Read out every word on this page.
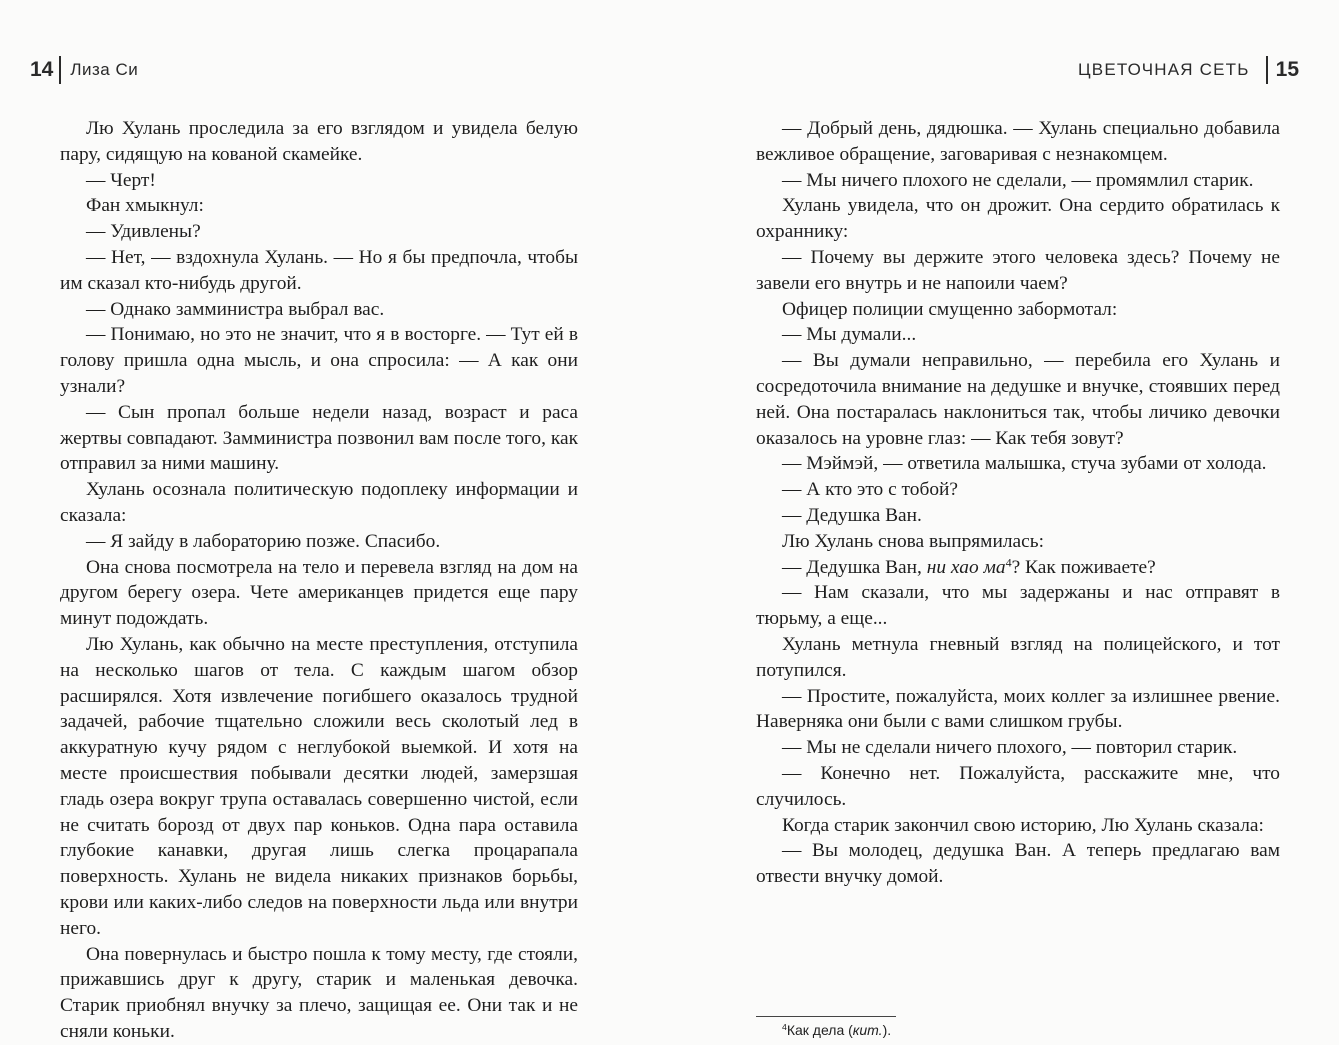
14 Лиза Си

Лю Хулань проследила за его взглядом и увидела белую пару, сидящую на кованой скамейке.

— Черт!

Фан хмыкнул:

— Удивлены?

— Нет, — вздохнула Хулань. — Но я бы предпочла, чтобы им сказал кто-нибудь другой.

— Однако замминистра выбрал вас.

— Понимаю, но это не значит, что я в восторге. — Тут ей в голову пришла одна мысль, и она спросила: — А как они узнали?

— Сын пропал больше недели назад, возраст и раса жертвы совпадают. Замминистра позвонил вам после того, как отправил за ними машину.

Хулань осознала политическую подоплеку информации и сказала:

— Я зайду в лабораторию позже. Спасибо.

Она снова посмотрела на тело и перевела взгляд на дом на другом берегу озера. Чете американцев придется еще пару минут подождать.

Лю Хулань, как обычно на месте преступления, отступила на несколько шагов от тела. С каждым шагом обзор расширялся. Хотя извлечение погибшего оказалось трудной задачей, рабочие тщательно сложили весь сколотый лед в аккуратную кучу рядом с неглубокой выемкой. И хотя на месте происшествия побывали десятки людей, замерзшая гладь озера вокруг трупа оставалась совершенно чистой, если не считать борозд от двух пар коньков. Одна пара оставила глубокие канавки, другая лишь слегка процарапала поверхность. Хулань не видела никаких признаков борьбы, крови или каких-либо следов на поверхности льда или внутри него.

Она повернулась и быстро пошла к тому месту, где стояли, прижавшись друг к другу, старик и маленькая девочка. Старик приобнял внучку за плечо, защищая ее. Они так и не сняли коньки.

ЦВЕТОЧНАЯ СЕТЬ 15

— Добрый день, дядюшка. — Хулань специально добавила вежливое обращение, заговаривая с незнакомцем.

— Мы ничего плохого не сделали, — промямлил старик.

Хулань увидела, что он дрожит. Она сердито обратилась к охраннику:

— Почему вы держите этого человека здесь? Почему не завели его внутрь и не напоили чаем?

Офицер полиции смущенно забормотал:

— Мы думали...

— Вы думали неправильно, — перебила его Хулань и сосредоточила внимание на дедушке и внучке, стоявших перед ней. Она постаралась наклониться так, чтобы личико девочки оказалось на уровне глаз: — Как тебя зовут?

— Мэймэй, — ответила малышка, стуча зубами от холода.

— А кто это с тобой?

— Дедушка Ван.

Лю Хулань снова выпрямилась:

— Дедушка Ван, ни хао $ма^4$? Как поживаете?

— Нам сказали, что мы задержаны и нас отправят в тюрьму, а еще...

Хулань метнула гневный взгляд на полицейского, и тот потупился.

— Простите, пожалуйста, моих коллег за излишнее рвение. Наверняка они были с вами слишком грубы.

— Мы не сделали ничего плохого, — повторил старик.

— Конечно нет. Пожалуйста, расскажите мне, что случилось.

Когда старик закончил свою историю, Лю Хулань сказала:

— Вы молодец, дедушка Ван. А теперь предлагаю вам отвести внучку домой.

$^4$Как дела (кит.).
